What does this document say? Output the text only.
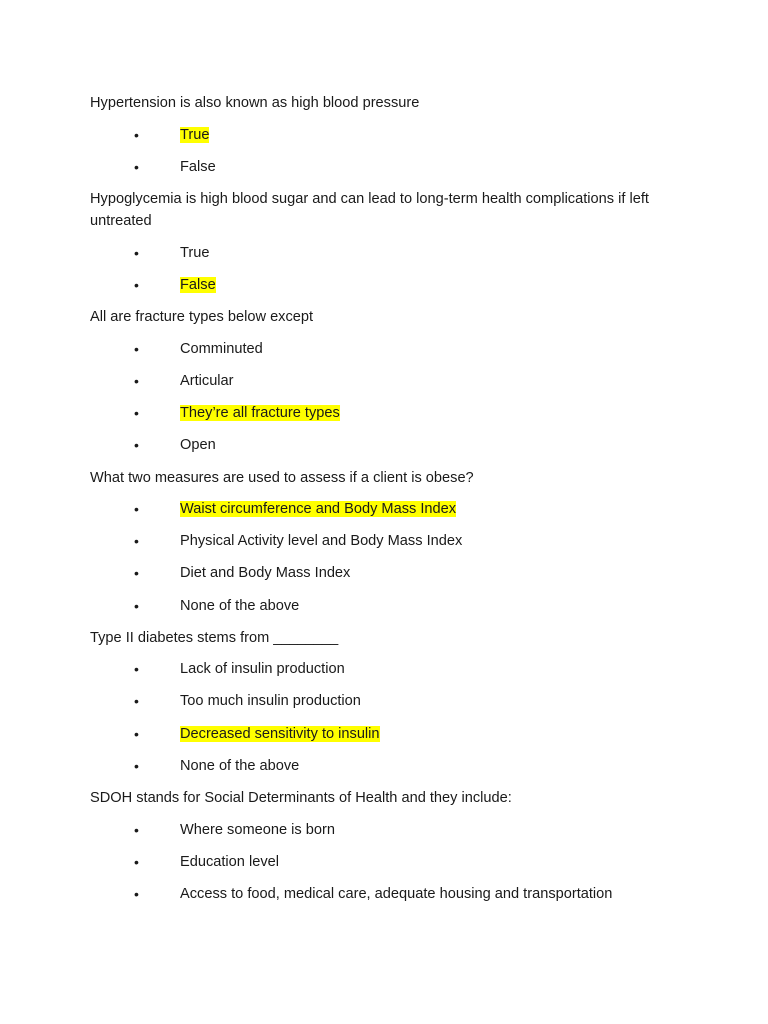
Hypertension is also known as high blood pressure

•	True
•	False

Hypoglycemia is high blood sugar and can lead to long-term health complications if left untreated

•	True
•	False

All are fracture types below except

•	Comminuted
•	Articular
•	They’re all fracture types
•	Open

What two measures are used to assess if a client is obese?

•	Waist circumference and Body Mass Index
•	Physical Activity level and Body Mass Index
•	Diet and Body Mass Index
•	None of the above

Type II diabetes stems from ________

•	Lack of insulin production
•	Too much insulin production
•	Decreased sensitivity to insulin
•	None of the above

SDOH stands for Social Determinants of Health and they include:

•	Where someone is born
•	Education level
•	Access to food, medical care, adequate housing and transportation
